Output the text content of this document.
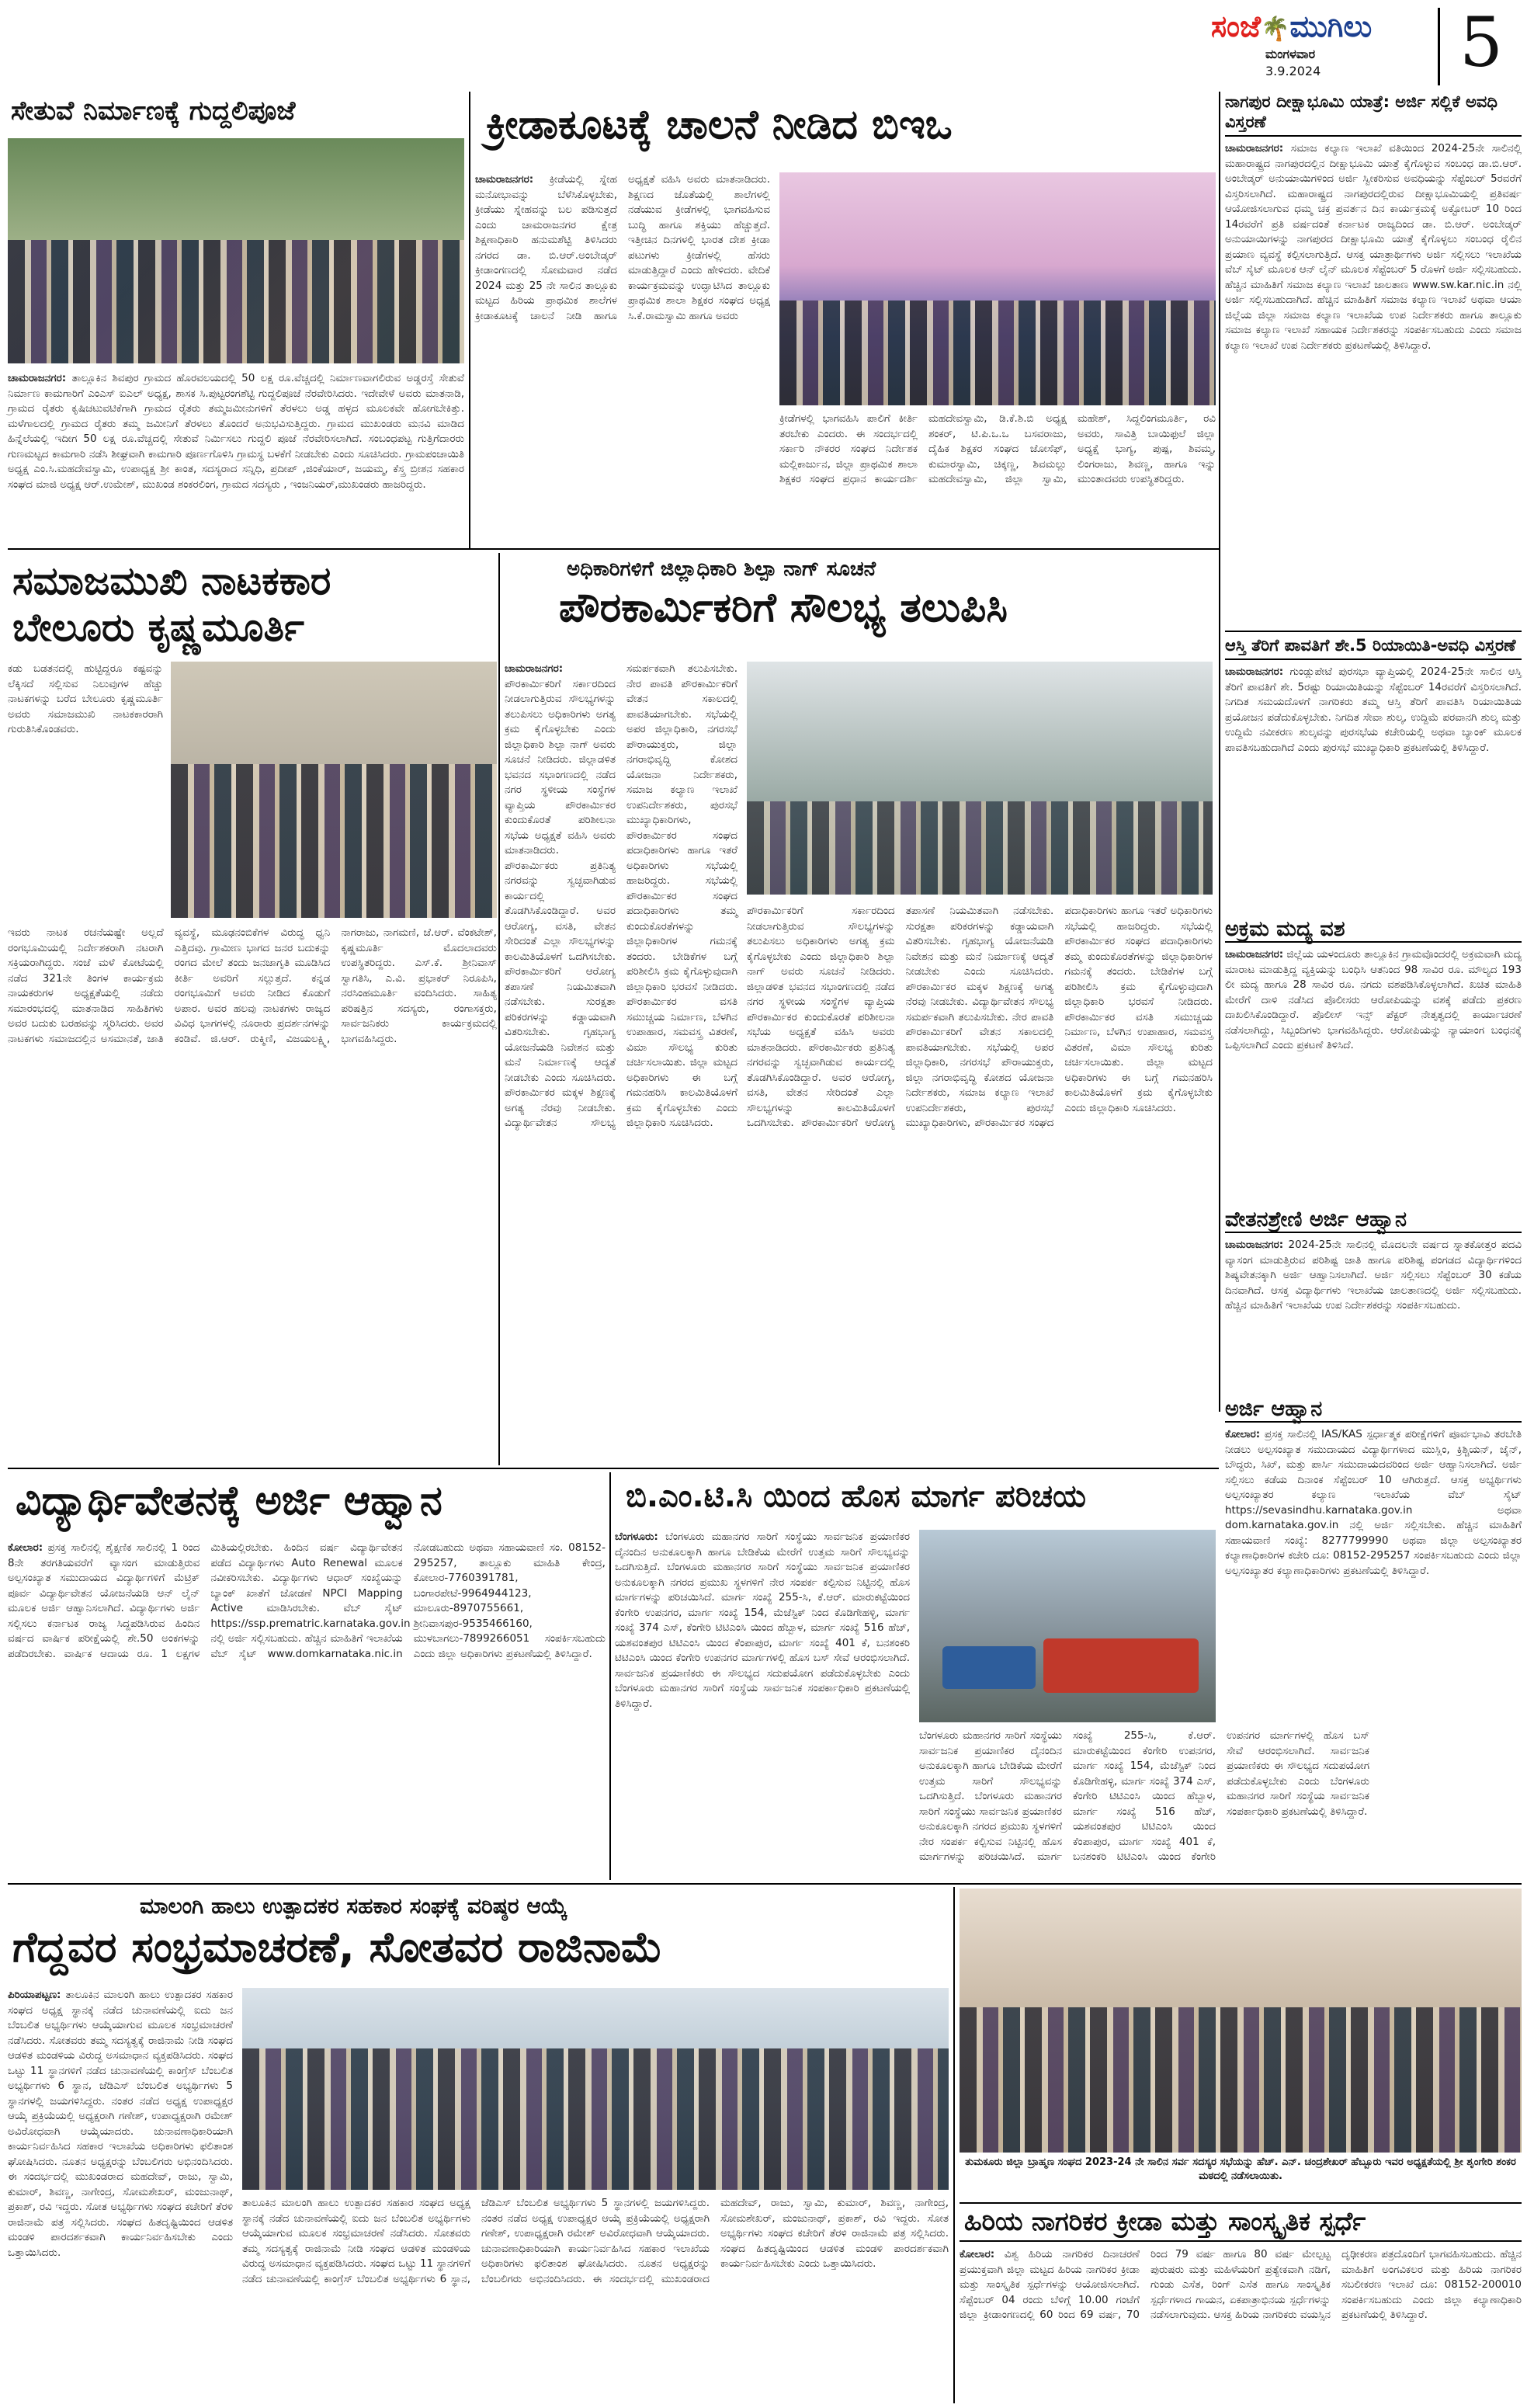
ಸಂಜೆ🌴ಮುಗಿಲು
ಮಂಗಳವಾರ
3.9.2024	5
ಸೇತುವೆ ನಿರ್ಮಾಣಕ್ಕೆ ಗುದ್ದಲಿಪೂಜೆ
ಚಾಮರಾಜನಗರ: ತಾಲ್ಲೂಕಿನ ಶಿವಪುರ ಗ್ರಾಮದ ಹೊರವಲಯದಲ್ಲಿ 50 ಲಕ್ಷ ರೂ.ವೆಚ್ಚದಲ್ಲಿ ನಿರ್ಮಾಣವಾಗಲಿರುವ ಅಡ್ಡರಸ್ತೆ ಸೇತುವೆ ನಿರ್ಮಾಣ ಕಾಮಗಾರಿಗೆ ಎಂಎಸ್ ಐಎಲ್ ಅಧ್ಯಕ್ಷ, ಶಾಸಕ ಸಿ.ಪುಟ್ಟರಂಗಶೆಟ್ಟಿ ಗುದ್ದಲಿಪೂಜೆ ನೆರವೇರಿಸಿದರು. ಇದೇವೇಳೆ ಅವರು ಮಾತನಾಡಿ, ಗ್ರಾಮದ ರೈತರು ಕೃಷಿಚಟುವಟಿಕೆಗಾಗಿ ಗ್ರಾಮದ ರೈತರು ತಮ್ಮಜಮೀನುಗಳಿಗೆ ತೆರಳಲು ಅಡ್ಡ ಹಳ್ಳದ ಮೂಲಕವೇ ಹೋಗಬೇಕಿತ್ತು. ಮಳೆಗಾಲದಲ್ಲಿ ಗ್ರಾಮದ ರೈತರು ತಮ್ಮ ಜಮೀನಿಗೆ ತೆರಳಲು ತೊಂದರೆ ಅನುಭವಿಸುತ್ತಿದ್ದರು. ಗ್ರಾಮದ ಮುಖಂಡರು ಮನವಿ ಮಾಡಿದ ಹಿನ್ನೆಲೆಯಲ್ಲಿ ಇದೀಗ 50 ಲಕ್ಷ ರೂ.ವೆಚ್ಚದಲ್ಲಿ ಸೇತುವೆ ನಿರ್ಮಿಸಲು ಗುದ್ದಲಿ ಪೂಜೆ ನೆರವೇರಿಸಲಾಗಿದೆ. ಸಂಬಂಧಪಟ್ಟ ಗುತ್ತಿಗೆದಾರರು ಗುಣಮಟ್ಟದ ಕಾಮಗಾರಿ ನಡೆಸಿ ಶೀಘ್ರವಾಗಿ ಕಾಮಗಾರಿ ಪೂರ್ಣಗೊಳಿಸಿ ಗ್ರಾಮಸ್ಥ ಬಳಕೆಗೆ ನೀಡಬೇಕು ಎಂದು ಸೂಚಿಸಿದರು. ಗ್ರಾಮಪಂಚಾಯಿತಿ ಅಧ್ಯಕ್ಷ ಎಂ.ಸಿ.ಮಹದೇವಸ್ವಾಮಿ, ಉಪಾಧ್ಯಕ್ಷ ಶ್ರೀ ಕಾಂತ, ಸದಸ್ಯರಾದ ಸನ್ನಿಧಿ, ಪ್ರದೀಪ್ ,ಜಿಂಕೆಯಾರ್, ಜಯಮ್ಮ, ಕೆಸ್ತ್ರ ಬ್ರೀಶನ ಸಹಕಾರ ಸಂಘದ ಮಾಜಿ ಅಧ್ಯಕ್ಷ ಆರ್.ಉಮೇಶ್, ಮುಖಂಡ ಶಂಕರಲಿಂಗ, ಗ್ರಾಮದ ಸದಸ್ಯರು , ಇಂಜನಿಯರ್,ಮುಖಂಡರು ಹಾಜರಿದ್ದರು.
ಕ್ರೀಡಾಕೂಟಕ್ಕೆ ಚಾಲನೆ ನೀಡಿದ ಬಿಇಒ
ಚಾಮರಾಜನಗರ: ಕ್ರೀಡೆಯಲ್ಲಿ ಸ್ನೇಹ ಮನೋಭಾವನ್ನು ಬೆಳೆಸಿಕೊಳ್ಳಬೇಕು, ಕ್ರೀಡೆಯು ಸ್ನೇಹವನ್ನು ಬಲ ಪಡಿಸುತ್ತದೆ ಎಂದು ಚಾಮರಾಜನಗರ ಕ್ಷೇತ್ರ ಶಿಕ್ಷಣಾಧಿಕಾರಿ ಹನುಮಶೆಟ್ಟಿ ತಿಳಿಸಿದರು ನಗರದ ಡಾ. ಬಿ.ಆರ್.ಅಂಬೇಡ್ಕರ್ ಕ್ರೀಡಾಂಗಣದಲ್ಲಿ ಸೋಮವಾರ ನಡೆದ 2024 ಮತ್ತು 25 ನೇ ಸಾಲಿನ ತಾಲ್ಲೂಕು ಮಟ್ಟದ ಹಿರಿಯ ಪ್ರಾಥಮಿಕ ಶಾಲೆಗಳ ಕ್ರೀಡಾಕೂಟಕ್ಕೆ ಚಾಲನೆ ನೀಡಿ ಹಾಗೂ ಅಧ್ಯಕ್ಷತೆ ವಹಿಸಿ ಅವರು ಮಾತನಾಡಿದರು. ಶಿಕ್ಷಣದ ಜೊತೆಯಲ್ಲಿ ಶಾಲೆಗಳಲ್ಲಿ ನಡೆಯುವ ಕ್ರೀಡೆಗಳಲ್ಲಿ ಭಾಗವಹಿಸುವ ಬುದ್ಧಿ ಹಾಗೂ ಶಕ್ತಿಯು ಹೆಚ್ಚುತ್ತದೆ. ಇತ್ತೀಚಿನ ದಿನಗಳಲ್ಲಿ ಭಾರತ ದೇಶ ಕ್ರೀಡಾ ಪಟುಗಳು ಕ್ರೀಡೆಗಳಲ್ಲಿ ಹೆಸರು ಮಾಡುತ್ತಿದ್ದಾರೆ ಎಂದು ಹೇಳಿದರು. ವೇದಿಕೆ ಕಾರ್ಯಕ್ರಮವನ್ನು ಉದ್ಘಾಟಿಸಿದ ತಾಲ್ಲೂಕು ಪ್ರಾಥಮಿಕ ಶಾಲಾ ಶಿಕ್ಷಕರ ಸಂಘದ ಅಧ್ಯಕ್ಷ ಸಿ.ಕೆ.ರಾಮಸ್ವಾಮಿ ಹಾಗೂ ಅವರು
ಕ್ರೀಡೆಗಳಲ್ಲಿ ಭಾಗವಹಿಸಿ ಪಾಲಿಗೆ ಕೀರ್ತಿ ತರಬೇಕು ಎಂದರು. ಈ ಸಂದರ್ಭದಲ್ಲಿ ಸರ್ಕಾರಿ ನೌಕರರ ಸಂಘದ ನಿರ್ದೇಶಕ ಮಲ್ಲಿಕಾರ್ಜುನ, ಜಿಲ್ಲಾ ಪ್ರಾಥಮಿಕ ಶಾಲಾ ಶಿಕ್ಷಕರ ಸಂಘದ ಪ್ರಧಾನ ಕಾರ್ಯದರ್ಶಿ ಮಹದೇವಸ್ವಾಮಿ, ಡಿ.ಕೆ.ಶಿ.ಬಿ ಅಧ್ಯಕ್ಷ ಶಂಕರ್, ಟಿ.ಪಿ.ಒ.ಒ ಬಸವರಾಜು, ದೈಹಿಕ ಶಿಕ್ಷಕರ ಸಂಘದ ಜೋಸೆಫ್, ಕುಮಾರಸ್ವಾಮಿ, ಚಿಕ್ಕಣ್ಣ, ಶಿವಮಲ್ಲು ಮಹದೇವಸ್ವಾಮಿ, ಜಿಲ್ಲಾ ಸ್ವಾಮಿ, ಮಹೇಶ್, ಸಿದ್ದಲಿಂಗಮೂರ್ತಿ, ರವಿ ಅವರು, ಸಾವಿತ್ರಿ ಬಾಯಿಫುಲೆ ಜಿಲ್ಲಾ ಅಧ್ಯಕ್ಷೆ ಭಾಗ್ಯ, ಪುಷ್ಪ, ಶಿವಮ್ಮ, ಲಿಂಗರಾಜು, ಶಿವಣ್ಣ, ಹಾಗೂ ಇನ್ನು ಮುಂತಾದವರು ಉಪಸ್ಥಿತರಿದ್ದರು.
ನಾಗಪುರ ದೀಕ್ಷಾಭೂಮಿ ಯಾತ್ರೆ: ಅರ್ಜಿ ಸಲ್ಲಿಕೆ ಅವಧಿ ವಿಸ್ತರಣೆ
ಚಾಮರಾಜನಗರ: ಸಮಾಜ ಕಲ್ಯಾಣ ಇಲಾಖೆ ವತಿಯಿಂದ 2024-25ನೇ ಸಾಲಿನಲ್ಲಿ ಮಹಾರಾಷ್ಟ್ರದ ನಾಗಪುರದಲ್ಲಿನ ದೀಕ್ಷಾಭೂಮಿ ಯಾತ್ರೆ ಕೈಗೊಳ್ಳುವ ಸಂಬಂಧ ಡಾ.ಬಿ.ಆರ್. ಅಂಬೇಡ್ಕರ್ ಅನುಯಾಯಿಗಳಿಂದ ಅರ್ಜಿ ಸ್ವೀಕರಿಸುವ ಅವಧಿಯನ್ನು ಸೆಪ್ಟೆಂಬರ್ 5ರವರೆಗೆ ವಿಸ್ತರಿಸಲಾಗಿದೆ. ಮಹಾರಾಷ್ಟ್ರದ ನಾಗಪುರದಲ್ಲಿರುವ ದೀಕ್ಷಾಭೂಮಿಯಲ್ಲಿ ಪ್ರತಿವರ್ಷ ಆಯೋಜಿಸಲಾಗುವ ಧಮ್ಮ ಚಕ್ರ ಪ್ರವರ್ತನ ದಿನ ಕಾರ್ಯಕ್ರಮಕ್ಕೆ ಅಕ್ಟೋಬರ್ 10 ರಿಂದ 14ರವರೆಗೆ ಪ್ರತಿ ವರ್ಷದಂತೆ ಕರ್ನಾಟಕ ರಾಜ್ಯದಿಂದ ಡಾ. ಬಿ.ಆರ್. ಅಂಬೇಡ್ಕರ್ ಅನುಯಾಯಿಗಳನ್ನು ನಾಗಪುರದ ದೀಕ್ಷಾಭೂಮಿ ಯಾತ್ರೆ ಕೈಗೊಳ್ಳಲು ಸಂಬಂಧ ರೈಲಿನ ಪ್ರಯಾಣ ವ್ಯವಸ್ಥೆ ಕಲ್ಪಿಸಲಾಗುತ್ತಿದೆ. ಆಸಕ್ತ ಯಾತ್ರಾರ್ಥಿಗಳು ಅರ್ಜಿ ಸಲ್ಲಿಸಲು ಇಲಾಖೆಯ ವೆಬ್ ಸೈಟ್ ಮೂಲಕ ಆನ್ ಲೈನ್ ಮೂಲಕ ಸೆಪ್ಟೆಂಬರ್ 5 ರೊಳಗೆ ಅರ್ಜಿ ಸಲ್ಲಿಸಬಹುದು. ಹೆಚ್ಚಿನ ಮಾಹಿತಿಗೆ ಸಮಾಜ ಕಲ್ಯಾಣ ಇಲಾಖೆ ಜಾಲತಾಣ www.sw.kar.nic.in ನಲ್ಲಿ ಅರ್ಜಿ ಸಲ್ಲಿಸಬಹುದಾಗಿದೆ. ಹೆಚ್ಚಿನ ಮಾಹಿತಿಗೆ ಸಮಾಜ ಕಲ್ಯಾಣ ಇಲಾಖೆ ಅಥವಾ ಆಯಾ ಜಿಲ್ಲೆಯ ಜಿಲ್ಲಾ ಸಮಾಜ ಕಲ್ಯಾಣ ಇಲಾಖೆಯ ಉಪ ನಿರ್ದೇಶಕರು ಹಾಗೂ ತಾಲ್ಲೂಕು ಸಮಾಜ ಕಲ್ಯಾಣ ಇಲಾಖೆ ಸಹಾಯಕ ನಿರ್ದೇಶಕರನ್ನು ಸಂಪರ್ಕಿಸಬಹುದು ಎಂದು ಸಮಾಜ ಕಲ್ಯಾಣ ಇಲಾಖೆ ಉಪ ನಿರ್ದೇಶಕರು ಪ್ರಕಟಣೆಯಲ್ಲಿ ತಿಳಿಸಿದ್ದಾರೆ.
ಆಸ್ತಿ ತೆರಿಗೆ ಪಾವತಿಗೆ ಶೇ.5 ರಿಯಾಯಿತಿ-ಅವಧಿ ವಿಸ್ತರಣೆ
ಚಾಮರಾಜನಗರ: ಗುಂಡ್ಲುಪೇಟೆ ಪುರಸಭಾ ವ್ಯಾಪ್ತಿಯಲ್ಲಿ 2024-25ನೇ ಸಾಲಿನ ಆಸ್ತಿ ತೆರಿಗೆ ಪಾವತಿಗೆ ಶೇ. 5ರಷ್ಟು ರಿಯಾಯಿತಿಯನ್ನು ಸೆಪ್ಟೆಂಬರ್ 14ರವರೆಗೆ ವಿಸ್ತರಿಸಲಾಗಿದೆ. ನಿಗದಿತ ಸಮಯದೊಳಗೆ ನಾಗರಿಕರು ತಮ್ಮ ಆಸ್ತಿ ತೆರಿಗೆ ಪಾವತಿಸಿ ರಿಯಾಯಿತಿಯ ಪ್ರಯೋಜನ ಪಡೆದುಕೊಳ್ಳಬೇಕು. ನಿಗದಿತ ಸೇವಾ ಶುಲ್ಕ, ಉದ್ದಿಮೆ ಪರವಾನಗಿ ಶುಲ್ಕ ಮತ್ತು ಉದ್ದಿಮೆ ನವೀಕರಣ ಶುಲ್ಕವನ್ನು ಪುರಸಭೆಯ ಕಚೇರಿಯಲ್ಲಿ ಅಥವಾ ಬ್ಯಾಂಕ್ ಮೂಲಕ ಪಾವತಿಸಬಹುದಾಗಿದೆ ಎಂದು ಪುರಸಭೆ ಮುಖ್ಯಾಧಿಕಾರಿ ಪ್ರಕಟಣೆಯಲ್ಲಿ ತಿಳಿಸಿದ್ದಾರೆ.
ಅಕ್ರಮ ಮದ್ಯ ವಶ
ಚಾಮರಾಜನಗರ: ಜಿಲ್ಲೆಯ ಯಳಂದೂರು ತಾಲ್ಲೂಕಿನ ಗ್ರಾಮವೊಂದರಲ್ಲಿ ಅಕ್ರಮವಾಗಿ ಮದ್ಯ ಮಾರಾಟ ಮಾಡುತ್ತಿದ್ದ ವ್ಯಕ್ತಿಯನ್ನು ಬಂಧಿಸಿ ಆತನಿಂದ 98 ಸಾವಿರ ರೂ. ಮೌಲ್ಯದ 193 ಲೀ ಮದ್ಯ ಹಾಗೂ 28 ಸಾವಿರ ರೂ. ನಗದು ವಶಪಡಿಸಿಕೊಳ್ಳಲಾಗಿದೆ. ಖಚಿತ ಮಾಹಿತಿ ಮೇರೆಗೆ ದಾಳಿ ನಡೆಸಿದ ಪೊಲೀಸರು ಆರೋಪಿಯನ್ನು ವಶಕ್ಕೆ ಪಡೆದು ಪ್ರಕರಣ ದಾಖಲಿಸಿಕೊಂಡಿದ್ದಾರೆ. ಪೊಲೀಸ್ ಇನ್ಸ್ ಪೆಕ್ಟರ್ ನೇತೃತ್ವದಲ್ಲಿ ಕಾರ್ಯಾಚರಣೆ ನಡೆಸಲಾಗಿದ್ದು, ಸಿಬ್ಬಂದಿಗಳು ಭಾಗವಹಿಸಿದ್ದರು. ಆರೋಪಿಯನ್ನು ನ್ಯಾಯಾಂಗ ಬಂಧನಕ್ಕೆ ಒಪ್ಪಿಸಲಾಗಿದೆ ಎಂದು ಪ್ರಕಟಣೆ ತಿಳಿಸಿದೆ.
ವೇತನಶ್ರೇಣಿ ಅರ್ಜಿ ಆಹ್ವಾನ
ಚಾಮರಾಜನಗರ: 2024-25ನೇ ಸಾಲಿನಲ್ಲಿ ಮೊದಲನೇ ವರ್ಷದ ಸ್ನಾತಕೋತ್ತರ ಪದವಿ ವ್ಯಾಸಂಗ ಮಾಡುತ್ತಿರುವ ಪರಿಶಿಷ್ಟ ಜಾತಿ ಹಾಗೂ ಪರಿಶಿಷ್ಟ ಪಂಗಡದ ವಿದ್ಯಾರ್ಥಿಗಳಿಂದ ಶಿಷ್ಯವೇತನಕ್ಕಾಗಿ ಅರ್ಜಿ ಆಹ್ವಾನಿಸಲಾಗಿದೆ. ಅರ್ಜಿ ಸಲ್ಲಿಸಲು ಸೆಪ್ಟೆಂಬರ್ 30 ಕಡೆಯ ದಿನವಾಗಿದೆ. ಆಸಕ್ತ ವಿದ್ಯಾರ್ಥಿಗಳು ಇಲಾಖೆಯ ಜಾಲತಾಣದಲ್ಲಿ ಅರ್ಜಿ ಸಲ್ಲಿಸಬಹುದು. ಹೆಚ್ಚಿನ ಮಾಹಿತಿಗೆ ಇಲಾಖೆಯ ಉಪ ನಿರ್ದೇಶಕರನ್ನು ಸಂಪರ್ಕಿಸಬಹುದು.
ಅರ್ಜಿ ಆಹ್ವಾನ
ಕೋಲಾರ: ಪ್ರಸಕ್ತ ಸಾಲಿನಲ್ಲಿ IAS/KAS ಸ್ಪರ್ಧಾತ್ಮಕ ಪರೀಕ್ಷೆಗಳಿಗೆ ಪೂರ್ವಭಾವಿ ತರಬೇತಿ ನೀಡಲು ಅಲ್ಪಸಂಖ್ಯಾತ ಸಮುದಾಯದ ವಿದ್ಯಾರ್ಥಿಗಳಾದ ಮುಸ್ಲಿಂ, ಕ್ರಿಶ್ಚಿಯನ್, ಜೈನ್, ಬೌದ್ಧರು, ಸಿಖ್, ಮತ್ತು ಪಾರ್ಸಿ ಸಮುದಾಯದವರಿಂದ ಅರ್ಜಿ ಆಹ್ವಾನಿಸಲಾಗಿದೆ. ಅರ್ಜಿ ಸಲ್ಲಿಸಲು ಕಡೆಯ ದಿನಾಂಕ ಸೆಪ್ಟೆಂಬರ್ 10 ಆಗಿರುತ್ತದೆ. ಆಸಕ್ತ ಅಭ್ಯರ್ಥಿಗಳು ಅಲ್ಪಸಂಖ್ಯಾತರ ಕಲ್ಯಾಣ ಇಲಾಖೆಯ ವೆಬ್ ಸೈಟ್ https://sevasindhu.karnataka.gov.in ಅಥವಾ dom.karnataka.gov.in ನಲ್ಲಿ ಅರ್ಜಿ ಸಲ್ಲಿಸಬೇಕು. ಹೆಚ್ಚಿನ ಮಾಹಿತಿಗೆ ಸಹಾಯವಾಣಿ ಸಂಖ್ಯೆ: 8277799990 ಅಥವಾ ಜಿಲ್ಲಾ ಅಲ್ಪಸಂಖ್ಯಾತರ ಕಲ್ಯಾಣಾಧಿಕಾರಿಗಳ ಕಚೇರಿ ದೂ: 08152-295257 ಸಂಪರ್ಕಿಸಬಹುದು ಎಂದು ಜಿಲ್ಲಾ ಅಲ್ಪಸಂಖ್ಯಾತರ ಕಲ್ಯಾಣಾಧಿಕಾರಿಗಳು ಪ್ರಕಟಣೆಯಲ್ಲಿ ತಿಳಿಸಿದ್ದಾರೆ.
ಸಮಾಜಮುಖಿ ನಾಟಕಕಾರ
ಬೇಲೂರು ಕೃಷ್ಣಮೂರ್ತಿ
ಕಡು ಬಡತನದಲ್ಲಿ ಹುಟ್ಟಿದ್ದರೂ ಕಷ್ಟವನ್ನು ಲೆಕ್ಕಿಸದೆ ಸಲ್ಲಿಸುವ ನಿಲುವುಗಳ ಹೆಚ್ಚು ನಾಟಕಗಳನ್ನು ಬರೆದ ಬೇಲೂರು ಕೃಷ್ಣಮೂರ್ತಿ ಅವರು ಸಮಾಜಮುಖಿ ನಾಟಕಕಾರರಾಗಿ ಗುರುತಿಸಿಕೊಂಡವರು.
ಇವರು ನಾಟಕ ರಚನೆಯಷ್ಟೇ ಅಲ್ಲದೆ ರಂಗಭೂಮಿಯಲ್ಲಿ ನಿರ್ದೇಶಕರಾಗಿ ನಟರಾಗಿ ಸಕ್ರಿಯರಾಗಿದ್ದರು. ಸಂಜೆ ಮಳೆ ಕೋಟೆಯಲ್ಲಿ ನಡೆದ 321ನೇ ತಿಂಗಳ ಕಾರ್ಯಕ್ರಮ ನಾಯಕರುಗಳ ಅಧ್ಯಕ್ಷತೆಯಲ್ಲಿ ನಡೆದು ಸಮಾರಂಭದಲ್ಲಿ ಮಾತನಾಡಿದ ಸಾಹಿತಿಗಳು ಅವರ ಬದುಕು ಬರಹವನ್ನು ಸ್ಮರಿಸಿದರು. ಅವರ ನಾಟಕಗಳು ಸಮಾಜದಲ್ಲಿನ ಅಸಮಾನತೆ, ಜಾತಿ ವ್ಯವಸ್ಥೆ, ಮೂಢನಂಬಿಕೆಗಳ ವಿರುದ್ಧ ಧ್ವನಿ ಎತ್ತಿದವು. ಗ್ರಾಮೀಣ ಭಾಗದ ಜನರ ಬದುಕನ್ನು ರಂಗದ ಮೇಲೆ ತಂದು ಜನಜಾಗೃತಿ ಮೂಡಿಸಿದ ಕೀರ್ತಿ ಅವರಿಗೆ ಸಲ್ಲುತ್ತದೆ. ಕನ್ನಡ ರಂಗಭೂಮಿಗೆ ಅವರು ನೀಡಿದ ಕೊಡುಗೆ ಅಪಾರ. ಅವರ ಹಲವು ನಾಟಕಗಳು ರಾಜ್ಯದ ವಿವಿಧ ಭಾಗಗಳಲ್ಲಿ ನೂರಾರು ಪ್ರದರ್ಶನಗಳನ್ನು ಕಂಡಿವೆ. ಜಿ.ಆರ್. ರುಕ್ಮಿಣಿ, ವಿಜಯಲಕ್ಷ್ಮಿ, ನಾಗರಾಜು, ನಾಗಮಣಿ, ಜೆ.ಆರ್. ವೆಂಕಟೇಶ್, ಕೃಷ್ಣಮೂರ್ತಿ ಮೊದಲಾದವರು ಉಪಸ್ಥಿತರಿದ್ದರು. ಎಸ್.ಕೆ. ಶ್ರೀನಿವಾಸ್ ಸ್ವಾಗತಿಸಿ, ಎ.ವಿ. ಪ್ರಭಾಕರ್ ನಿರೂಪಿಸಿ, ನರಸಿಂಹಮೂರ್ತಿ ವಂದಿಸಿದರು. ಸಾಹಿತ್ಯ ಪರಿಷತ್ತಿನ ಸದಸ್ಯರು, ರಂಗಾಸಕ್ತರು, ಸಾರ್ವಜನಿಕರು ಕಾರ್ಯಕ್ರಮದಲ್ಲಿ ಭಾಗವಹಿಸಿದ್ದರು.
ಅಧಿಕಾರಿಗಳಿಗೆ ಜಿಲ್ಲಾಧಿಕಾರಿ ಶಿಲ್ಪಾ ನಾಗ್ ಸೂಚನೆ
ಪೌರಕಾರ್ಮಿಕರಿಗೆ ಸೌಲಭ್ಯ ತಲುಪಿಸಿ
ಚಾಮರಾಜನಗರ: ಪೌರಕಾರ್ಮಿಕರಿಗೆ ಸರ್ಕಾರದಿಂದ ನೀಡಲಾಗುತ್ತಿರುವ ಸೌಲಭ್ಯಗಳನ್ನು ತಲುಪಿಸಲು ಅಧಿಕಾರಿಗಳು ಅಗತ್ಯ ಕ್ರಮ ಕೈಗೊಳ್ಳಬೇಕು ಎಂದು ಜಿಲ್ಲಾಧಿಕಾರಿ ಶಿಲ್ಪಾ ನಾಗ್ ಅವರು ಸೂಚನೆ ನೀಡಿದರು. ಜಿಲ್ಲಾಡಳಿತ ಭವನದ ಸಭಾಂಗಣದಲ್ಲಿ ನಡೆದ ನಗರ ಸ್ಥಳೀಯ ಸಂಸ್ಥೆಗಳ ವ್ಯಾಪ್ತಿಯ ಪೌರಕಾರ್ಮಿಕರ ಕುಂದುಕೊರತೆ ಪರಿಶೀಲನಾ ಸಭೆಯ ಅಧ್ಯಕ್ಷತೆ ವಹಿಸಿ ಅವರು ಮಾತನಾಡಿದರು. ಪೌರಕಾರ್ಮಿಕರು ಪ್ರತಿನಿತ್ಯ ನಗರವನ್ನು ಸ್ವಚ್ಛವಾಗಿಡುವ ಕಾರ್ಯದಲ್ಲಿ ತೊಡಗಿಸಿಕೊಂಡಿದ್ದಾರೆ. ಅವರ ಆರೋಗ್ಯ, ವಸತಿ, ವೇತನ ಸೇರಿದಂತೆ ಎಲ್ಲಾ ಸೌಲಭ್ಯಗಳನ್ನು ಕಾಲಮಿತಿಯೊಳಗೆ ಒದಗಿಸಬೇಕು. ಪೌರಕಾರ್ಮಿಕರಿಗೆ ಆರೋಗ್ಯ ತಪಾಸಣೆ ನಿಯಮಿತವಾಗಿ ನಡೆಸಬೇಕು. ಸುರಕ್ಷತಾ ಪರಿಕರಗಳನ್ನು ಕಡ್ಡಾಯವಾಗಿ ವಿತರಿಸಬೇಕು. ಗೃಹಭಾಗ್ಯ ಯೋಜನೆಯಡಿ ನಿವೇಶನ ಮತ್ತು ಮನೆ ನಿರ್ಮಾಣಕ್ಕೆ ಆದ್ಯತೆ ನೀಡಬೇಕು ಎಂದು ಸೂಚಿಸಿದರು. ಪೌರಕಾರ್ಮಿಕರ ಮಕ್ಕಳ ಶಿಕ್ಷಣಕ್ಕೆ ಅಗತ್ಯ ನೆರವು ನೀಡಬೇಕು. ವಿದ್ಯಾರ್ಥಿವೇತನ ಸೌಲಭ್ಯ ಸಮರ್ಪಕವಾಗಿ ತಲುಪಿಸಬೇಕು. ನೇರ ಪಾವತಿ ಪೌರಕಾರ್ಮಿಕರಿಗೆ ವೇತನ ಸಕಾಲದಲ್ಲಿ ಪಾವತಿಯಾಗಬೇಕು. ಸಭೆಯಲ್ಲಿ ಅಪರ ಜಿಲ್ಲಾಧಿಕಾರಿ, ನಗರಸಭೆ ಪೌರಾಯುಕ್ತರು, ಜಿಲ್ಲಾ ನಗರಾಭಿವೃದ್ಧಿ ಕೋಶದ ಯೋಜನಾ ನಿರ್ದೇಶಕರು, ಸಮಾಜ ಕಲ್ಯಾಣ ಇಲಾಖೆ ಉಪನಿರ್ದೇಶಕರು, ಪುರಸಭೆ ಮುಖ್ಯಾಧಿಕಾರಿಗಳು, ಪೌರಕಾರ್ಮಿಕರ ಸಂಘದ ಪದಾಧಿಕಾರಿಗಳು ಹಾಗೂ ಇತರೆ ಅಧಿಕಾರಿಗಳು ಸಭೆಯಲ್ಲಿ ಹಾಜರಿದ್ದರು. ಸಭೆಯಲ್ಲಿ ಪೌರಕಾರ್ಮಿಕರ ಸಂಘದ ಪದಾಧಿಕಾರಿಗಳು ತಮ್ಮ ಕುಂದುಕೊರತೆಗಳನ್ನು ಜಿಲ್ಲಾಧಿಕಾರಿಗಳ ಗಮನಕ್ಕೆ ತಂದರು. ಬೇಡಿಕೆಗಳ ಬಗ್ಗೆ ಪರಿಶೀಲಿಸಿ ಕ್ರಮ ಕೈಗೊಳ್ಳುವುದಾಗಿ ಜಿಲ್ಲಾಧಿಕಾರಿ ಭರವಸೆ ನೀಡಿದರು. ಪೌರಕಾರ್ಮಿಕರ ವಸತಿ ಸಮುಚ್ಚಯ ನಿರ್ಮಾಣ, ಬೆಳಗಿನ ಉಪಾಹಾರ, ಸಮವಸ್ತ್ರ ವಿತರಣೆ, ವಿಮಾ ಸೌಲಭ್ಯ ಕುರಿತು ಚರ್ಚಿಸಲಾಯಿತು. ಜಿಲ್ಲಾ ಮಟ್ಟದ ಅಧಿಕಾರಿಗಳು ಈ ಬಗ್ಗೆ ಗಮನಹರಿಸಿ ಕಾಲಮಿತಿಯೊಳಗೆ ಕ್ರಮ ಕೈಗೊಳ್ಳಬೇಕು ಎಂದು ಜಿಲ್ಲಾಧಿಕಾರಿ ಸೂಚಿಸಿದರು.
ಪೌರಕಾರ್ಮಿಕರಿಗೆ ಸರ್ಕಾರದಿಂದ ನೀಡಲಾಗುತ್ತಿರುವ ಸೌಲಭ್ಯಗಳನ್ನು ತಲುಪಿಸಲು ಅಧಿಕಾರಿಗಳು ಅಗತ್ಯ ಕ್ರಮ ಕೈಗೊಳ್ಳಬೇಕು ಎಂದು ಜಿಲ್ಲಾಧಿಕಾರಿ ಶಿಲ್ಪಾ ನಾಗ್ ಅವರು ಸೂಚನೆ ನೀಡಿದರು. ಜಿಲ್ಲಾಡಳಿತ ಭವನದ ಸಭಾಂಗಣದಲ್ಲಿ ನಡೆದ ನಗರ ಸ್ಥಳೀಯ ಸಂಸ್ಥೆಗಳ ವ್ಯಾಪ್ತಿಯ ಪೌರಕಾರ್ಮಿಕರ ಕುಂದುಕೊರತೆ ಪರಿಶೀಲನಾ ಸಭೆಯ ಅಧ್ಯಕ್ಷತೆ ವಹಿಸಿ ಅವರು ಮಾತನಾಡಿದರು. ಪೌರಕಾರ್ಮಿಕರು ಪ್ರತಿನಿತ್ಯ ನಗರವನ್ನು ಸ್ವಚ್ಛವಾಗಿಡುವ ಕಾರ್ಯದಲ್ಲಿ ತೊಡಗಿಸಿಕೊಂಡಿದ್ದಾರೆ. ಅವರ ಆರೋಗ್ಯ, ವಸತಿ, ವೇತನ ಸೇರಿದಂತೆ ಎಲ್ಲಾ ಸೌಲಭ್ಯಗಳನ್ನು ಕಾಲಮಿತಿಯೊಳಗೆ ಒದಗಿಸಬೇಕು. ಪೌರಕಾರ್ಮಿಕರಿಗೆ ಆರೋಗ್ಯ ತಪಾಸಣೆ ನಿಯಮಿತವಾಗಿ ನಡೆಸಬೇಕು. ಸುರಕ್ಷತಾ ಪರಿಕರಗಳನ್ನು ಕಡ್ಡಾಯವಾಗಿ ವಿತರಿಸಬೇಕು. ಗೃಹಭಾಗ್ಯ ಯೋಜನೆಯಡಿ ನಿವೇಶನ ಮತ್ತು ಮನೆ ನಿರ್ಮಾಣಕ್ಕೆ ಆದ್ಯತೆ ನೀಡಬೇಕು ಎಂದು ಸೂಚಿಸಿದರು. ಪೌರಕಾರ್ಮಿಕರ ಮಕ್ಕಳ ಶಿಕ್ಷಣಕ್ಕೆ ಅಗತ್ಯ ನೆರವು ನೀಡಬೇಕು. ವಿದ್ಯಾರ್ಥಿವೇತನ ಸೌಲಭ್ಯ ಸಮರ್ಪಕವಾಗಿ ತಲುಪಿಸಬೇಕು. ನೇರ ಪಾವತಿ ಪೌರಕಾರ್ಮಿಕರಿಗೆ ವೇತನ ಸಕಾಲದಲ್ಲಿ ಪಾವತಿಯಾಗಬೇಕು. ಸಭೆಯಲ್ಲಿ ಅಪರ ಜಿಲ್ಲಾಧಿಕಾರಿ, ನಗರಸಭೆ ಪೌರಾಯುಕ್ತರು, ಜಿಲ್ಲಾ ನಗರಾಭಿವೃದ್ಧಿ ಕೋಶದ ಯೋಜನಾ ನಿರ್ದೇಶಕರು, ಸಮಾಜ ಕಲ್ಯಾಣ ಇಲಾಖೆ ಉಪನಿರ್ದೇಶಕರು, ಪುರಸಭೆ ಮುಖ್ಯಾಧಿಕಾರಿಗಳು, ಪೌರಕಾರ್ಮಿಕರ ಸಂಘದ ಪದಾಧಿಕಾರಿಗಳು ಹಾಗೂ ಇತರೆ ಅಧಿಕಾರಿಗಳು ಸಭೆಯಲ್ಲಿ ಹಾಜರಿದ್ದರು. ಸಭೆಯಲ್ಲಿ ಪೌರಕಾರ್ಮಿಕರ ಸಂಘದ ಪದಾಧಿಕಾರಿಗಳು ತಮ್ಮ ಕುಂದುಕೊರತೆಗಳನ್ನು ಜಿಲ್ಲಾಧಿಕಾರಿಗಳ ಗಮನಕ್ಕೆ ತಂದರು. ಬೇಡಿಕೆಗಳ ಬಗ್ಗೆ ಪರಿಶೀಲಿಸಿ ಕ್ರಮ ಕೈಗೊಳ್ಳುವುದಾಗಿ ಜಿಲ್ಲಾಧಿಕಾರಿ ಭರವಸೆ ನೀಡಿದರು. ಪೌರಕಾರ್ಮಿಕರ ವಸತಿ ಸಮುಚ್ಚಯ ನಿರ್ಮಾಣ, ಬೆಳಗಿನ ಉಪಾಹಾರ, ಸಮವಸ್ತ್ರ ವಿತರಣೆ, ವಿಮಾ ಸೌಲಭ್ಯ ಕುರಿತು ಚರ್ಚಿಸಲಾಯಿತು. ಜಿಲ್ಲಾ ಮಟ್ಟದ ಅಧಿಕಾರಿಗಳು ಈ ಬಗ್ಗೆ ಗಮನಹರಿಸಿ ಕಾಲಮಿತಿಯೊಳಗೆ ಕ್ರಮ ಕೈಗೊಳ್ಳಬೇಕು ಎಂದು ಜಿಲ್ಲಾಧಿಕಾರಿ ಸೂಚಿಸಿದರು.
ವಿದ್ಯಾರ್ಥಿವೇತನಕ್ಕೆ ಅರ್ಜಿ ಆಹ್ವಾನ
ಕೋಲಾರ: ಪ್ರಸಕ್ತ ಸಾಲಿನಲ್ಲಿ ಶೈಕ್ಷಣಿಕ ಸಾಲಿನಲ್ಲಿ 1 ರಿಂದ 8ನೇ ತರಗತಿಯವರೆಗೆ ವ್ಯಾಸಂಗ ಮಾಡುತ್ತಿರುವ ಅಲ್ಪಸಂಖ್ಯಾತ ಸಮುದಾಯದ ವಿದ್ಯಾರ್ಥಿಗಳಿಗೆ ಮೆಟ್ರಿಕ್ ಪೂರ್ವ ವಿದ್ಯಾರ್ಥಿವೇತನ ಯೋಜನೆಯಡಿ ಆನ್ ಲೈನ್ ಮೂಲಕ ಅರ್ಜಿ ಆಹ್ವಾನಿಸಲಾಗಿದೆ. ವಿದ್ಯಾರ್ಥಿಗಳು ಅರ್ಜಿ ಸಲ್ಲಿಸಲು ಕರ್ನಾಟಕ ರಾಜ್ಯ ಸಿದ್ದಪಡಿಸಿರುವ ಹಿಂದಿನ ವರ್ಷದ ವಾರ್ಷಿಕ ಪರೀಕ್ಷೆಯಲ್ಲಿ ಶೇ.50 ಅಂಕಗಳನ್ನು ಪಡೆದಿರಬೇಕು. ವಾರ್ಷಿಕ ಆದಾಯ ರೂ. 1 ಲಕ್ಷಗಳ ಮಿತಿಯಲ್ಲಿರಬೇಕು. ಹಿಂದಿನ ವರ್ಷ ವಿದ್ಯಾರ್ಥಿವೇತನ ಪಡೆದ ವಿದ್ಯಾರ್ಥಿಗಳು Auto Renewal ಮೂಲಕ ನವೀಕರಿಸಬೇಕು. ವಿದ್ಯಾರ್ಥಿಗಳು ಆಧಾರ್ ಸಂಖ್ಯೆಯನ್ನು ಬ್ಯಾಂಕ್ ಖಾತೆಗೆ ಜೋಡಣೆ NPCI Mapping Active ಮಾಡಿಸಿರಬೇಕು. ವೆಬ್ ಸೈಟ್ https://ssp.prematric.karnataka.gov.in ನಲ್ಲಿ ಅರ್ಜಿ ಸಲ್ಲಿಸಬಹುದು. ಹೆಚ್ಚಿನ ಮಾಹಿತಿಗೆ ಇಲಾಖೆಯ ವೆಬ್ ಸೈಟ್ www.domkarnataka.nic.in ನೋಡಬಹುದು ಅಥವಾ ಸಹಾಯವಾಣಿ ಸಂ. 08152-295257, ತಾಲ್ಲೂಕು ಮಾಹಿತಿ ಕೇಂದ್ರ, ಕೋಲಾರ-7760391781, ಬಂಗಾರಪೇಟೆ-9964944123, ಮಾಲೂರು-8970755661, ಶ್ರೀನಿವಾಸಪುರ-9535466160, ಮುಳಬಾಗಲು-7899266051 ಸಂಪರ್ಕಿಸಬಹುದು ಎಂದು ಜಿಲ್ಲಾ ಅಧಿಕಾರಿಗಳು ಪ್ರಕಟಣೆಯಲ್ಲಿ ತಿಳಿಸಿದ್ದಾರೆ.
ಬಿ.ಎಂ.ಟಿ.ಸಿ ಯಿಂದ ಹೊಸ ಮಾರ್ಗ ಪರಿಚಯ
ಬೆಂಗಳೂರು: ಬೆಂಗಳೂರು ಮಹಾನಗರ ಸಾರಿಗೆ ಸಂಸ್ಥೆಯು ಸಾರ್ವಜನಿಕ ಪ್ರಯಾಣಿಕರ ದೈನಂದಿನ ಅನುಕೂಲಕ್ಕಾಗಿ ಹಾಗೂ ಬೇಡಿಕೆಯ ಮೇರೆಗೆ ಉತ್ತಮ ಸಾರಿಗೆ ಸೌಲಭ್ಯವನ್ನು ಒದಗಿಸುತ್ತಿದೆ. ಬೆಂಗಳೂರು ಮಹಾನಗರ ಸಾರಿಗೆ ಸಂಸ್ಥೆಯು ಸಾರ್ವಜನಿಕ ಪ್ರಯಾಣಿಕರ ಅನುಕೂಲಕ್ಕಾಗಿ ನಗರದ ಪ್ರಮುಖ ಸ್ಥಳಗಳಿಗೆ ನೇರ ಸಂಪರ್ಕ ಕಲ್ಪಿಸುವ ನಿಟ್ಟಿನಲ್ಲಿ ಹೊಸ ಮಾರ್ಗಗಳನ್ನು ಪರಿಚಯಿಸಿದೆ. ಮಾರ್ಗ ಸಂಖ್ಯೆ 255-ಸಿ, ಕೆ.ಆರ್. ಮಾರುಕಟ್ಟೆಯಿಂದ ಕೆಂಗೇರಿ ಉಪನಗರ, ಮಾರ್ಗ ಸಂಖ್ಯೆ 154, ಮೆಜೆಸ್ಟಿಕ್ ನಿಂದ ಕೊಡಿಗೇಹಳ್ಳಿ, ಮಾರ್ಗ ಸಂಖ್ಯೆ 374 ಎಸ್, ಕೆಂಗೇರಿ ಟಿಟಿಎಂಸಿ ಯಿಂದ ಹೆಬ್ಬಾಳ, ಮಾರ್ಗ ಸಂಖ್ಯೆ 516 ಹೆಚ್, ಯಶವಂತಪುರ ಟಿಟಿಎಂಸಿ ಯಿಂದ ಕೆಂಪಾಪುರ, ಮಾರ್ಗ ಸಂಖ್ಯೆ 401 ಕೆ, ಬನಶಂಕರಿ ಟಿಟಿಎಂಸಿ ಯಿಂದ ಕೆಂಗೇರಿ ಉಪನಗರ ಮಾರ್ಗಗಳಲ್ಲಿ ಹೊಸ ಬಸ್ ಸೇವೆ ಆರಂಭಿಸಲಾಗಿದೆ. ಸಾರ್ವಜನಿಕ ಪ್ರಯಾಣಿಕರು ಈ ಸೌಲಭ್ಯದ ಸದುಪಯೋಗ ಪಡೆದುಕೊಳ್ಳಬೇಕು ಎಂದು ಬೆಂಗಳೂರು ಮಹಾನಗರ ಸಾರಿಗೆ ಸಂಸ್ಥೆಯ ಸಾರ್ವಜನಿಕ ಸಂಪರ್ಕಾಧಿಕಾರಿ ಪ್ರಕಟಣೆಯಲ್ಲಿ ತಿಳಿಸಿದ್ದಾರೆ.
ಬೆಂಗಳೂರು ಮಹಾನಗರ ಸಾರಿಗೆ ಸಂಸ್ಥೆಯು ಸಾರ್ವಜನಿಕ ಪ್ರಯಾಣಿಕರ ದೈನಂದಿನ ಅನುಕೂಲಕ್ಕಾಗಿ ಹಾಗೂ ಬೇಡಿಕೆಯ ಮೇರೆಗೆ ಉತ್ತಮ ಸಾರಿಗೆ ಸೌಲಭ್ಯವನ್ನು ಒದಗಿಸುತ್ತಿದೆ. ಬೆಂಗಳೂರು ಮಹಾನಗರ ಸಾರಿಗೆ ಸಂಸ್ಥೆಯು ಸಾರ್ವಜನಿಕ ಪ್ರಯಾಣಿಕರ ಅನುಕೂಲಕ್ಕಾಗಿ ನಗರದ ಪ್ರಮುಖ ಸ್ಥಳಗಳಿಗೆ ನೇರ ಸಂಪರ್ಕ ಕಲ್ಪಿಸುವ ನಿಟ್ಟಿನಲ್ಲಿ ಹೊಸ ಮಾರ್ಗಗಳನ್ನು ಪರಿಚಯಿಸಿದೆ. ಮಾರ್ಗ ಸಂಖ್ಯೆ 255-ಸಿ, ಕೆ.ಆರ್. ಮಾರುಕಟ್ಟೆಯಿಂದ ಕೆಂಗೇರಿ ಉಪನಗರ, ಮಾರ್ಗ ಸಂಖ್ಯೆ 154, ಮೆಜೆಸ್ಟಿಕ್ ನಿಂದ ಕೊಡಿಗೇಹಳ್ಳಿ, ಮಾರ್ಗ ಸಂಖ್ಯೆ 374 ಎಸ್, ಕೆಂಗೇರಿ ಟಿಟಿಎಂಸಿ ಯಿಂದ ಹೆಬ್ಬಾಳ, ಮಾರ್ಗ ಸಂಖ್ಯೆ 516 ಹೆಚ್, ಯಶವಂತಪುರ ಟಿಟಿಎಂಸಿ ಯಿಂದ ಕೆಂಪಾಪುರ, ಮಾರ್ಗ ಸಂಖ್ಯೆ 401 ಕೆ, ಬನಶಂಕರಿ ಟಿಟಿಎಂಸಿ ಯಿಂದ ಕೆಂಗೇರಿ ಉಪನಗರ ಮಾರ್ಗಗಳಲ್ಲಿ ಹೊಸ ಬಸ್ ಸೇವೆ ಆರಂಭಿಸಲಾಗಿದೆ. ಸಾರ್ವಜನಿಕ ಪ್ರಯಾಣಿಕರು ಈ ಸೌಲಭ್ಯದ ಸದುಪಯೋಗ ಪಡೆದುಕೊಳ್ಳಬೇಕು ಎಂದು ಬೆಂಗಳೂರು ಮಹಾನಗರ ಸಾರಿಗೆ ಸಂಸ್ಥೆಯ ಸಾರ್ವಜನಿಕ ಸಂಪರ್ಕಾಧಿಕಾರಿ ಪ್ರಕಟಣೆಯಲ್ಲಿ ತಿಳಿಸಿದ್ದಾರೆ.
ಮಾಲಂಗಿ ಹಾಲು ಉತ್ಪಾದಕರ ಸಹಕಾರ ಸಂಘಕ್ಕೆ ವರಿಷ್ಠರ ಆಯ್ಕೆ
ಗೆದ್ದವರ ಸಂಭ್ರಮಾಚರಣೆ, ಸೋತವರ ರಾಜಿನಾಮೆ
ಪಿರಿಯಾಪಟ್ಟಣ: ತಾಲೂಕಿನ ಮಾಲಂಗಿ ಹಾಲು ಉತ್ಪಾದಕರ ಸಹಕಾರ ಸಂಘದ ಅಧ್ಯಕ್ಷ ಸ್ಥಾನಕ್ಕೆ ನಡೆದ ಚುನಾವಣೆಯಲ್ಲಿ ಐದು ಜನ ಬೆಂಬಲಿತ ಅಭ್ಯರ್ಥಿಗಳು ಆಯ್ಕೆಯಾಗುವ ಮೂಲಕ ಸಂಭ್ರಮಾಚರಣೆ ನಡೆಸಿದರು. ಸೋತವರು ತಮ್ಮ ಸದಸ್ಯತ್ವಕ್ಕೆ ರಾಜಿನಾಮೆ ನೀಡಿ ಸಂಘದ ಆಡಳಿತ ಮಂಡಳಿಯ ವಿರುದ್ಧ ಅಸಮಾಧಾನ ವ್ಯಕ್ತಪಡಿಸಿದರು. ಸಂಘದ ಒಟ್ಟು 11 ಸ್ಥಾನಗಳಿಗೆ ನಡೆದ ಚುನಾವಣೆಯಲ್ಲಿ ಕಾಂಗ್ರೆಸ್ ಬೆಂಬಲಿತ ಅಭ್ಯರ್ಥಿಗಳು 6 ಸ್ಥಾನ, ಜೆಡಿಎಸ್ ಬೆಂಬಲಿತ ಅಭ್ಯರ್ಥಿಗಳು 5 ಸ್ಥಾನಗಳಲ್ಲಿ ಜಯಗಳಿಸಿದ್ದರು. ನಂತರ ನಡೆದ ಅಧ್ಯಕ್ಷ ಉಪಾಧ್ಯಕ್ಷರ ಆಯ್ಕೆ ಪ್ರಕ್ರಿಯೆಯಲ್ಲಿ ಅಧ್ಯಕ್ಷರಾಗಿ ಗಣೇಶ್, ಉಪಾಧ್ಯಕ್ಷರಾಗಿ ರಮೇಶ್ ಅವಿರೋಧವಾಗಿ ಆಯ್ಕೆಯಾದರು. ಚುನಾವಣಾಧಿಕಾರಿಯಾಗಿ ಕಾರ್ಯನಿರ್ವಹಿಸಿದ ಸಹಕಾರ ಇಲಾಖೆಯ ಅಧಿಕಾರಿಗಳು ಫಲಿತಾಂಶ ಘೋಷಿಸಿದರು. ನೂತನ ಅಧ್ಯಕ್ಷರನ್ನು ಬೆಂಬಲಿಗರು ಅಭಿನಂದಿಸಿದರು. ಈ ಸಂದರ್ಭದಲ್ಲಿ ಮುಖಂಡರಾದ ಮಹದೇವ್, ರಾಜು, ಸ್ವಾಮಿ, ಕುಮಾರ್, ಶಿವಣ್ಣ, ನಾಗೇಂದ್ರ, ಸೋಮಶೇಖರ್, ಮಂಜುನಾಥ್, ಪ್ರಕಾಶ್, ರವಿ ಇದ್ದರು. ಸೋತ ಅಭ್ಯರ್ಥಿಗಳು ಸಂಘದ ಕಚೇರಿಗೆ ತೆರಳಿ ರಾಜಿನಾಮೆ ಪತ್ರ ಸಲ್ಲಿಸಿದರು. ಸಂಘದ ಹಿತದೃಷ್ಟಿಯಿಂದ ಆಡಳಿತ ಮಂಡಳಿ ಪಾರದರ್ಶಕವಾಗಿ ಕಾರ್ಯನಿರ್ವಹಿಸಬೇಕು ಎಂದು ಒತ್ತಾಯಿಸಿದರು.
ತಾಲೂಕಿನ ಮಾಲಂಗಿ ಹಾಲು ಉತ್ಪಾದಕರ ಸಹಕಾರ ಸಂಘದ ಅಧ್ಯಕ್ಷ ಸ್ಥಾನಕ್ಕೆ ನಡೆದ ಚುನಾವಣೆಯಲ್ಲಿ ಐದು ಜನ ಬೆಂಬಲಿತ ಅಭ್ಯರ್ಥಿಗಳು ಆಯ್ಕೆಯಾಗುವ ಮೂಲಕ ಸಂಭ್ರಮಾಚರಣೆ ನಡೆಸಿದರು. ಸೋತವರು ತಮ್ಮ ಸದಸ್ಯತ್ವಕ್ಕೆ ರಾಜಿನಾಮೆ ನೀಡಿ ಸಂಘದ ಆಡಳಿತ ಮಂಡಳಿಯ ವಿರುದ್ಧ ಅಸಮಾಧಾನ ವ್ಯಕ್ತಪಡಿಸಿದರು. ಸಂಘದ ಒಟ್ಟು 11 ಸ್ಥಾನಗಳಿಗೆ ನಡೆದ ಚುನಾವಣೆಯಲ್ಲಿ ಕಾಂಗ್ರೆಸ್ ಬೆಂಬಲಿತ ಅಭ್ಯರ್ಥಿಗಳು 6 ಸ್ಥಾನ, ಜೆಡಿಎಸ್ ಬೆಂಬಲಿತ ಅಭ್ಯರ್ಥಿಗಳು 5 ಸ್ಥಾನಗಳಲ್ಲಿ ಜಯಗಳಿಸಿದ್ದರು. ನಂತರ ನಡೆದ ಅಧ್ಯಕ್ಷ ಉಪಾಧ್ಯಕ್ಷರ ಆಯ್ಕೆ ಪ್ರಕ್ರಿಯೆಯಲ್ಲಿ ಅಧ್ಯಕ್ಷರಾಗಿ ಗಣೇಶ್, ಉಪಾಧ್ಯಕ್ಷರಾಗಿ ರಮೇಶ್ ಅವಿರೋಧವಾಗಿ ಆಯ್ಕೆಯಾದರು. ಚುನಾವಣಾಧಿಕಾರಿಯಾಗಿ ಕಾರ್ಯನಿರ್ವಹಿಸಿದ ಸಹಕಾರ ಇಲಾಖೆಯ ಅಧಿಕಾರಿಗಳು ಫಲಿತಾಂಶ ಘೋಷಿಸಿದರು. ನೂತನ ಅಧ್ಯಕ್ಷರನ್ನು ಬೆಂಬಲಿಗರು ಅಭಿನಂದಿಸಿದರು. ಈ ಸಂದರ್ಭದಲ್ಲಿ ಮುಖಂಡರಾದ ಮಹದೇವ್, ರಾಜು, ಸ್ವಾಮಿ, ಕುಮಾರ್, ಶಿವಣ್ಣ, ನಾಗೇಂದ್ರ, ಸೋಮಶೇಖರ್, ಮಂಜುನಾಥ್, ಪ್ರಕಾಶ್, ರವಿ ಇದ್ದರು. ಸೋತ ಅಭ್ಯರ್ಥಿಗಳು ಸಂಘದ ಕಚೇರಿಗೆ ತೆರಳಿ ರಾಜಿನಾಮೆ ಪತ್ರ ಸಲ್ಲಿಸಿದರು. ಸಂಘದ ಹಿತದೃಷ್ಟಿಯಿಂದ ಆಡಳಿತ ಮಂಡಳಿ ಪಾರದರ್ಶಕವಾಗಿ ಕಾರ್ಯನಿರ್ವಹಿಸಬೇಕು ಎಂದು ಒತ್ತಾಯಿಸಿದರು.
ತುಮಕೂರು ಜಿಲ್ಲಾ ಬ್ರಾಹ್ಮಣ ಸಂಘದ 2023-24 ನೇ ಸಾಲಿನ ಸರ್ವ ಸದಸ್ಯರ ಸಭೆಯನ್ನು ಹೆಚ್. ಎನ್. ಚಂದ್ರಶೇಖರ್ ಹೆಬ್ಬೂರು ಇವರ ಅಧ್ಯಕ್ಷತೆಯಲ್ಲಿ ಶ್ರೀ ಶೃಂಗೇರಿ ಶಂಕರ ಮಠದಲ್ಲಿ ನಡೆಸಲಾಯಿತು.
ಹಿರಿಯ ನಾಗರಿಕರ ಕ್ರೀಡಾ ಮತ್ತು ಸಾಂಸ್ಕೃತಿಕ ಸ್ಪರ್ಧೆ
ಕೋಲಾರ: ವಿಶ್ವ ಹಿರಿಯ ನಾಗರಿಕರ ದಿನಾಚರಣೆ ಪ್ರಯುಕ್ತವಾಗಿ ಜಿಲ್ಲಾ ಮಟ್ಟದ ಹಿರಿಯ ನಾಗರಿಕರ ಕ್ರೀಡಾ ಮತ್ತು ಸಾಂಸ್ಕೃತಿಕ ಸ್ಪರ್ಧೆಗಳನ್ನು ಆಯೋಜಿಸಲಾಗಿದೆ. ಸೆಪ್ಟೆಂಬರ್ 04 ರಂದು ಬೆಳಿಗ್ಗೆ 10.00 ಗಂಟೆಗೆ ಜಿಲ್ಲಾ ಕ್ರೀಡಾಂಗಣದಲ್ಲಿ 60 ರಿಂದ 69 ವರ್ಷ, 70 ರಿಂದ 79 ವರ್ಷ ಹಾಗೂ 80 ವರ್ಷ ಮೇಲ್ಪಟ್ಟ ಪುರುಷರು ಮತ್ತು ಮಹಿಳೆಯರಿಗೆ ಪ್ರತ್ಯೇಕವಾಗಿ ನಡಿಗೆ, ಗುಂಡು ಎಸೆತ, ರಿಂಗ್ ಎಸೆತ ಹಾಗೂ ಸಾಂಸ್ಕೃತಿಕ ಸ್ಪರ್ಧೆಗಳಾದ ಗಾಯನ, ಏಕಪಾತ್ರಾಭಿನಯ ಸ್ಪರ್ಧೆಗಳನ್ನು ನಡೆಸಲಾಗುವುದು. ಆಸಕ್ತ ಹಿರಿಯ ನಾಗರಿಕರು ವಯಸ್ಸಿನ ದೃಢೀಕರಣ ಪತ್ರದೊಂದಿಗೆ ಭಾಗವಹಿಸಬಹುದು. ಹೆಚ್ಚಿನ ಮಾಹಿತಿಗೆ ಅಂಗವಿಕಲರ ಮತ್ತು ಹಿರಿಯ ನಾಗರಿಕರ ಸಬಲೀಕರಣ ಇಲಾಖೆ ದೂ: 08152-200010 ಸಂಪರ್ಕಿಸಬಹುದು ಎಂದು ಜಿಲ್ಲಾ ಕಲ್ಯಾಣಾಧಿಕಾರಿ ಪ್ರಕಟಣೆಯಲ್ಲಿ ತಿಳಿಸಿದ್ದಾರೆ.
